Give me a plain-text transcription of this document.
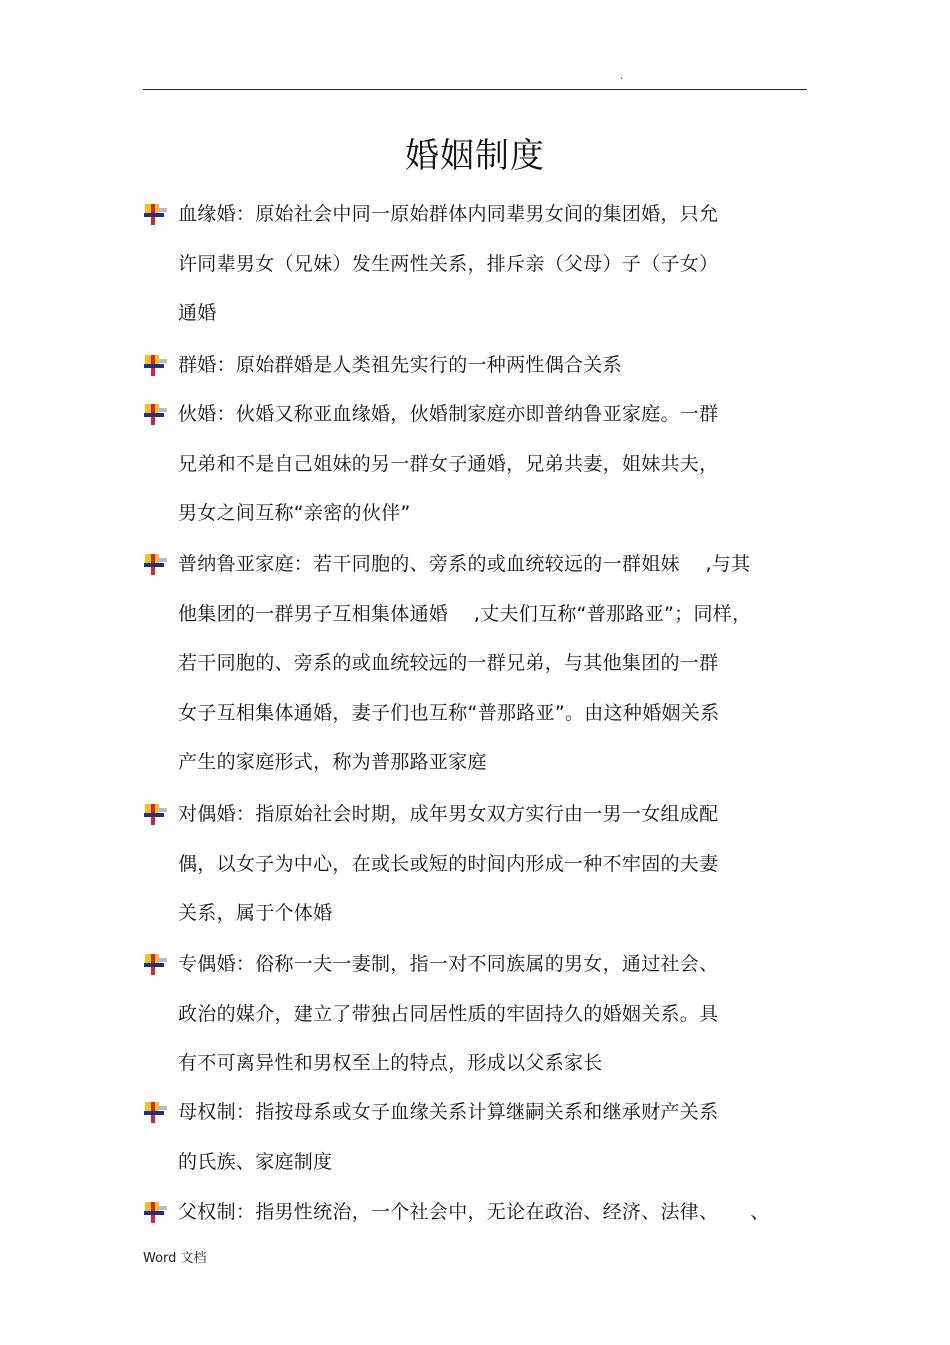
.
婚姻制度
血缘婚：原始社会中同一原始群体内同辈男女间的集团婚，只允
许同辈男女（兄妹）发生两性关系，排斥亲（父母）子（子女）
通婚
群婚：原始群婚是人类祖先实行的一种两性偶合关系
伙婚：伙婚又称亚血缘婚，伙婚制家庭亦即普纳鲁亚家庭。一群
兄弟和不是自己姐妹的另一群女子通婚，兄弟共妻，姐妹共夫，
男女之间互称“亲密的伙伴”
普纳鲁亚家庭：若干同胞的、旁系的或血统较远的一群姐妹 　,与其
他集团的一群男子互相集体通婚 　,丈夫们互称“普那路亚”；同样，
若干同胞的、旁系的或血统较远的一群兄弟，与其他集团的一群
女子互相集体通婚，妻子们也互称“普那路亚”。由这种婚姻关系
产生的家庭形式，称为普那路亚家庭
对偶婚：指原始社会时期，成年男女双方实行由一男一女组成配
偶，以女子为中心，在或长或短的时间内形成一种不牢固的夫妻
关系，属于个体婚
专偶婚：俗称一夫一妻制，指一对不同族属的男女，通过社会、
政治的媒介，建立了带独占同居性质的牢固持久的婚姻关系。具
有不可离异性和男权至上的特点，形成以父系家长
母权制：指按母系或女子血缘关系计算继嗣关系和继承财产关系
的氏族、家庭制度
父权制：指男性统治，一个社会中，无论在政治、经济、法律、 　 、
Word 文档
